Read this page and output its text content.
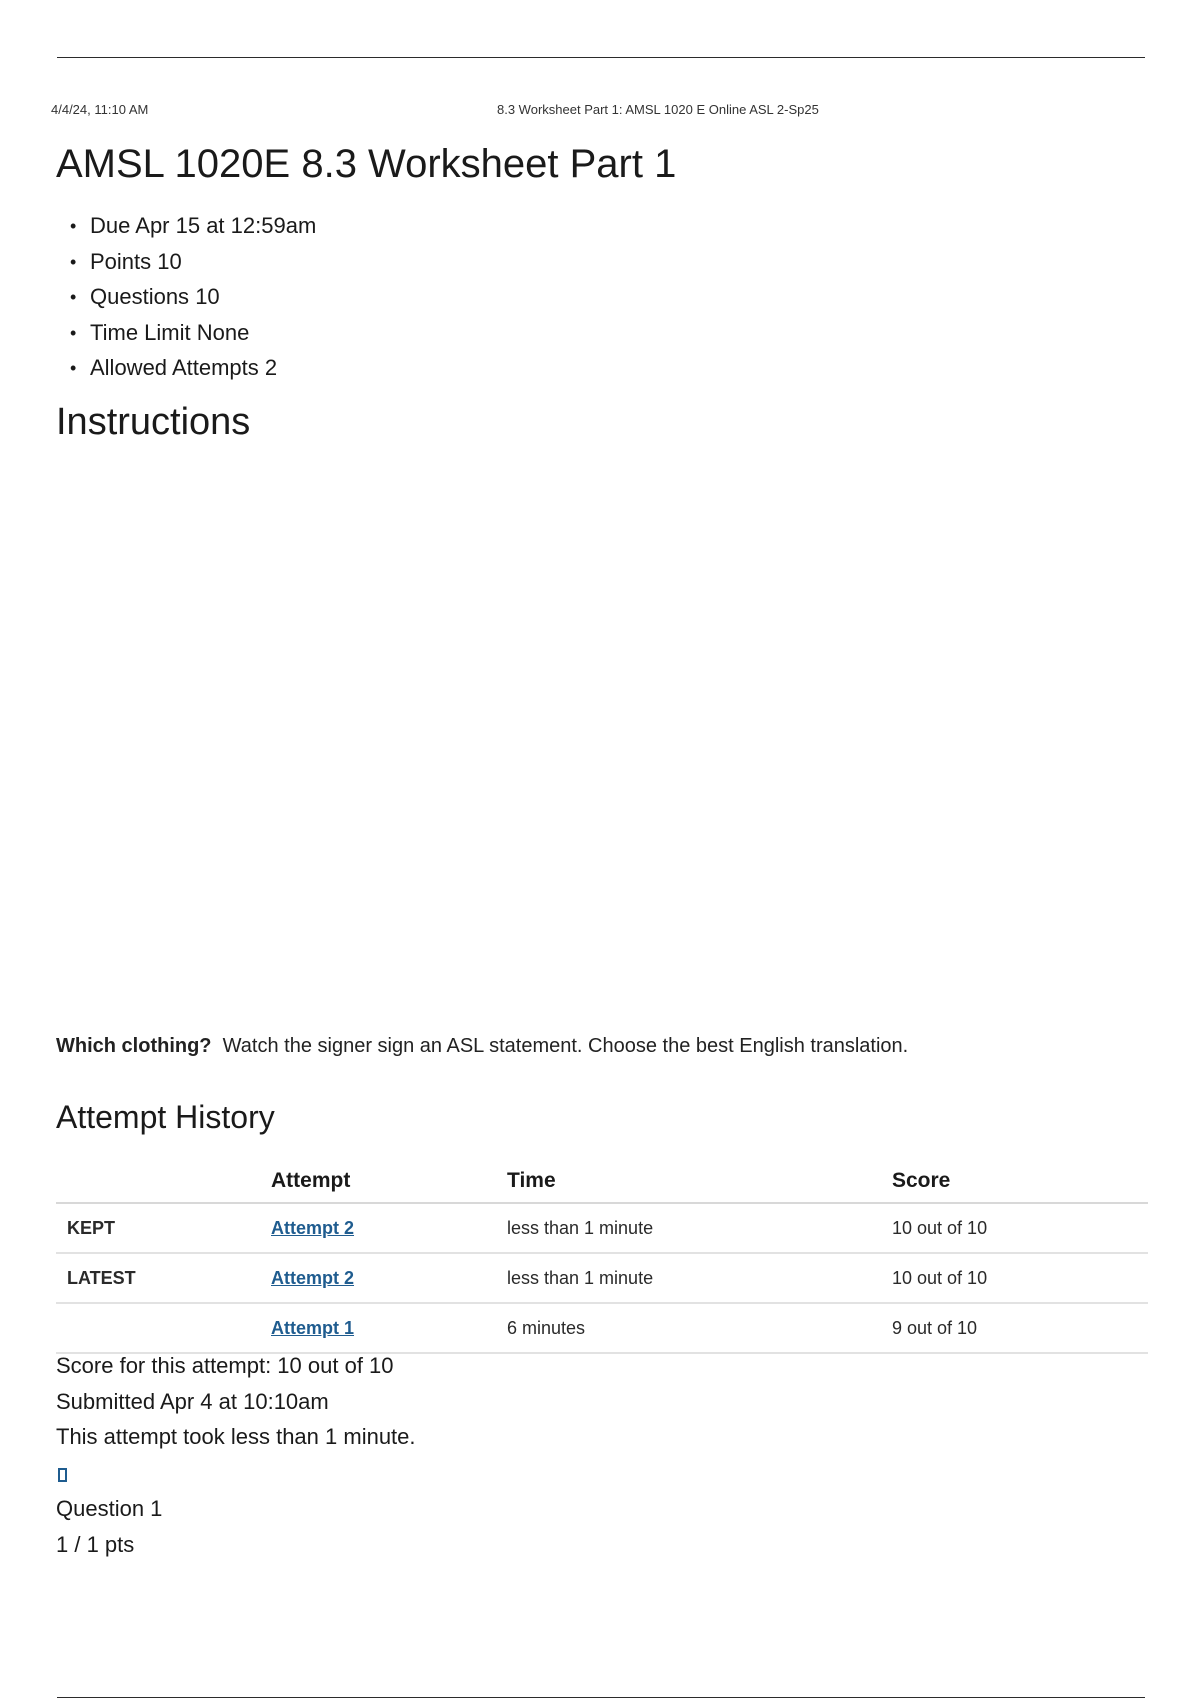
4/4/24, 11:10 AM	8.3 Worksheet Part 1: AMSL 1020 E Online ASL 2-Sp25
AMSL 1020E 8.3 Worksheet Part 1
• Due Apr 15 at 12:59am
• Points 10
• Questions 10
• Time Limit None
• Allowed Attempts 2
Instructions
Which clothing? Watch the signer sign an ASL statement. Choose the best English translation.
Attempt History
	Attempt	Time	Score
KEPT	Attempt 2	less than 1 minute	10 out of 10
LATEST	Attempt 2	less than 1 minute	10 out of 10
	Attempt 1	6 minutes	9 out of 10
Score for this attempt: 10 out of 10
Submitted Apr 4 at 10:10am
This attempt took less than 1 minute.
Question 1
1 / 1 pts
